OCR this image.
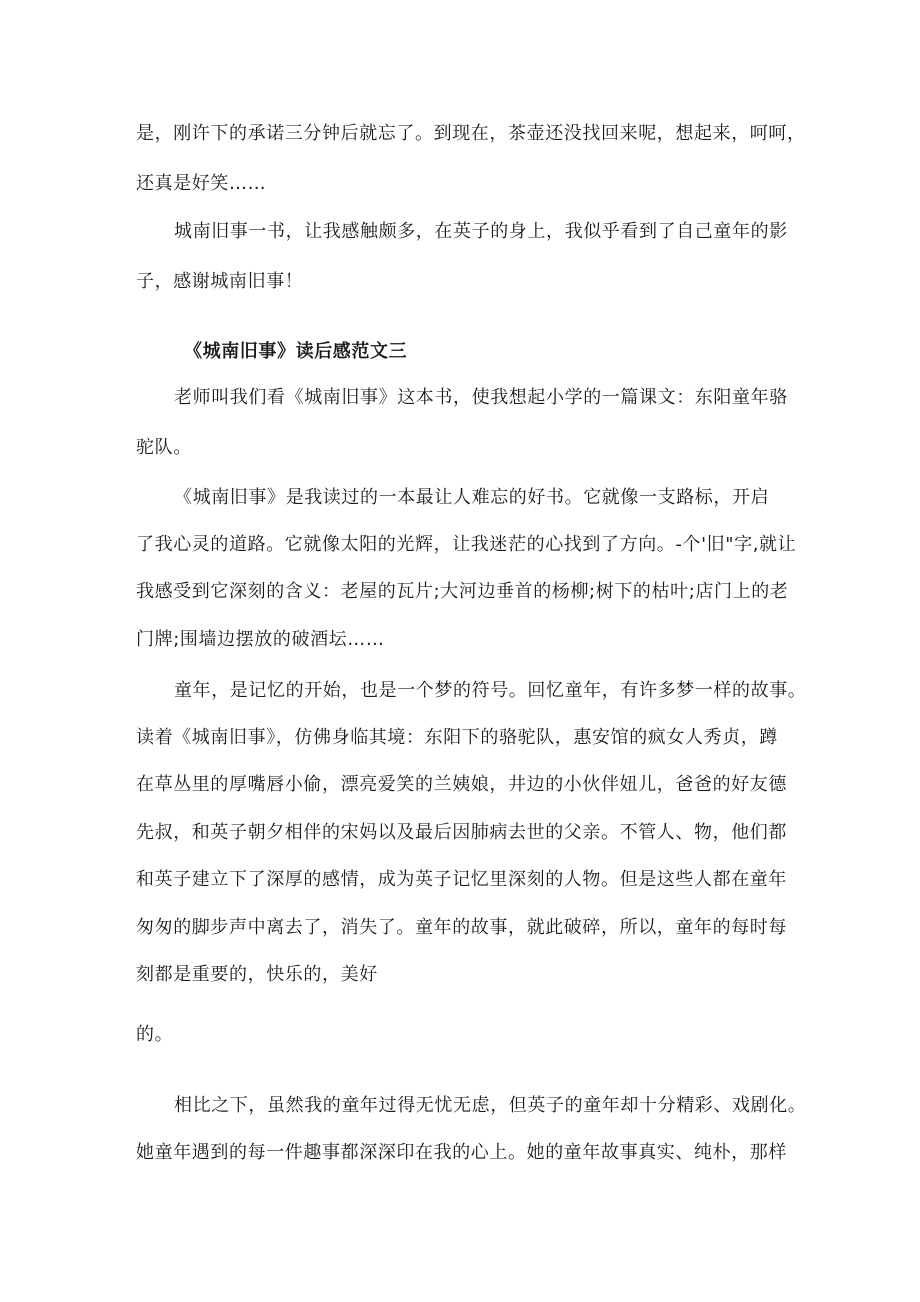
是，刚许下的承诺三分钟后就忘了。到现在，茶壶还没找回来呢，想起来，呵呵，
还真是好笑……
城南旧事一书，让我感触颇多，在英子的身上，我似乎看到了自己童年的影
子，感谢城南旧事！
《城南旧事》读后感范文三
老师叫我们看《城南旧事》这本书，使我想起小学的一篇课文：东阳童年骆
驼队。
《城南旧事》是我读过的一本最让人难忘的好书。它就像一支路标，开启
了我心灵的道路。它就像太阳的光辉，让我迷茫的心找到了方向。-个'旧"字,就让
我感受到它深刻的含义：老屋的瓦片;大河边垂首的杨柳;树下的枯叶;店门上的老
门牌;围墙边摆放的破酒坛……
童年，是记忆的开始，也是一个梦的符号。回忆童年，有许多梦一样的故事。
读着《城南旧事》，仿佛身临其境：东阳下的骆驼队，惠安馆的疯女人秀贞，蹲
在草丛里的厚嘴唇小偷，漂亮爱笑的兰姨娘，井边的小伙伴妞儿，爸爸的好友德
先叔，和英子朝夕相伴的宋妈以及最后因肺病去世的父亲。不管人、物，他们都
和英子建立下了深厚的感情，成为英子记忆里深刻的人物。但是这些人都在童年
匆匆的脚步声中离去了，消失了。童年的故事，就此破碎，所以，童年的每时每
刻都是重要的，快乐的，美好
的。
相比之下，虽然我的童年过得无忧无虑，但英子的童年却十分精彩、戏剧化。
她童年遇到的每一件趣事都深深印在我的心上。她的童年故事真实、纯朴，那样
